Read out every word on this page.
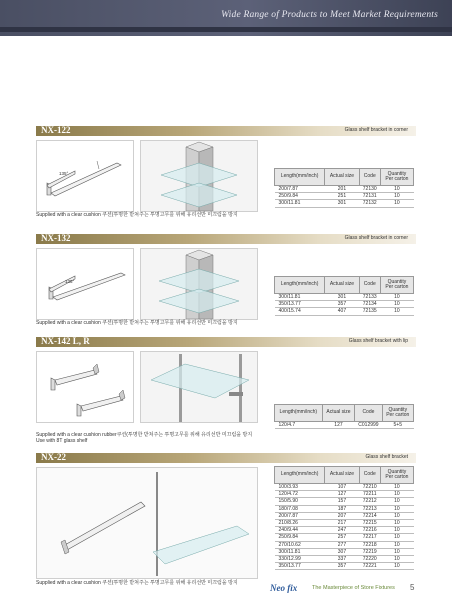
Wide Range of Products to Meet Market Requirements
NX-122	Glass shelf bracket in corner
135°	Length(mm/inch)	Actual size	Code	Quantity
Per carton
200/7.87	201	72130	10
250/9.84	251	72131	10
300/11.81	301	72132	10
Supplied with a clear cushion 쿠션(투명한 받쳐주는 투명고무를 위해 유리선반 미끄럼을 방지
NX-132	Glass shelf bracket in corner
135°	Length(mm/inch)	Actual size	Code	Quantity
Per carton
300/11.81	301	72133	10
350/13.77	357	72134	10
400/15.74	407	72135	10
Supplied with a clear cushion 쿠션(투명한 받쳐주는 투명고무를 위해 유리선반 미끄럼을 방지
NX-142 L, R	Glass shelf bracket with lip
Length(mm/inch)	Actual size	Code	Quantity
Per carton
120/4.7	127	C012999	5+5
Supplied with a clear cushion rubber쿠션(투명한 받쳐주는 투명고무를 위해 유리선반 미끄럼을 방지
Use with 8T glass shelf
NX-22	Glass shelf bracket
Length(mm/inch)	Actual size	Code	Quantity
Per carton
100/3.93	107	72210	10
120/4.72	127	72211	10
150/5.90	157	72212	10
180/7.08	187	72213	10
200/7.87	207	72214	10
210/8.26	217	72215	10
240/9.44	247	72216	10
250/9.84	257	72217	10
270/10.62	277	72218	10
300/11.81	307	72219	10
330/12.99	337	72220	10
350/13.77	357	72221	10
Supplied with a clear cushion 쿠션(투명한 받쳐주는 투명고무를 위해 유리선반 미끄럼을 방지	Neo fix	The Masterpiece of Store Fixtures 5
